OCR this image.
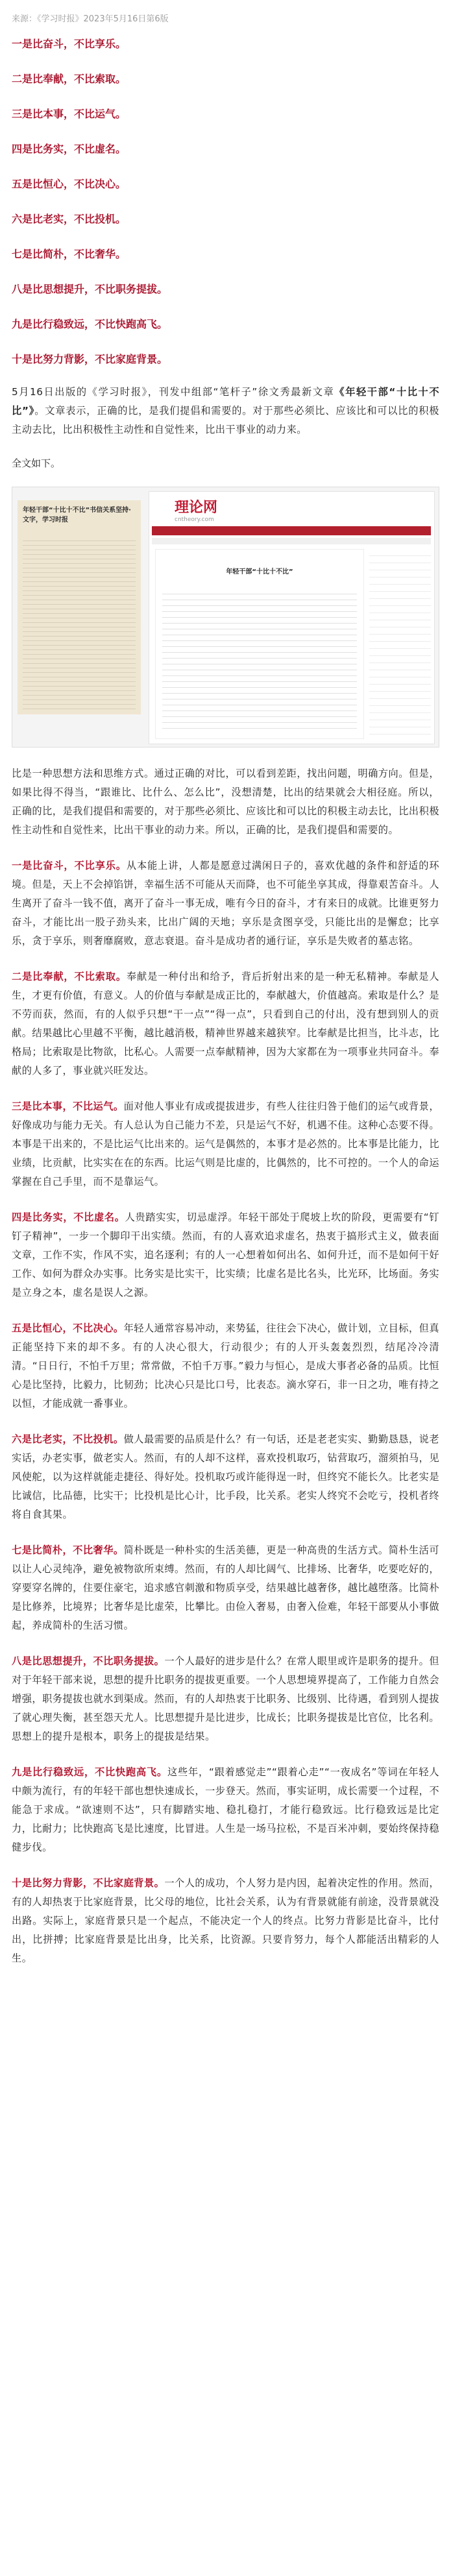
来源：《学习时报》2023年5月16日第6版
一是比奋斗，不比享乐。
二是比奉献，不比索取。
三是比本事，不比运气。
四是比务实，不比虚名。
五是比恒心，不比决心。
六是比老实，不比投机。
七是比简朴，不比奢华。
八是比思想提升，不比职务提拔。
九是比行稳致远，不比快跑高飞。
十是比努力背影，不比家庭背景。

5月16日出版的《学习时报》，刊发中组部“笔杆子”徐文秀最新文章《年轻干部“十比十不比”》。文章表示，正确的比，是我们提倡和需要的。对于那些必须比、应该比和可以比的积极主动去比，比出积极性主动性和自觉性来，比出干事业的动力来。

全文如下。

年轻干部“十比十不比”书信关系坚持·文字，学习时报
理论网
cntheory.com
年轻干部“十比十不比”

比是一种思想方法和思维方式。通过正确的对比，可以看到差距，找出问题，明确方向。但是，如果比得不得当，“跟谁比、比什么、怎么比”，没想清楚，比出的结果就会大相径庭。所以，正确的比，是我们提倡和需要的，对于那些必须比、应该比和可以比的积极主动去比，比出积极性主动性和自觉性来，比出干事业的动力来。所以，正确的比，是我们提倡和需要的。

一是比奋斗，不比享乐。从本能上讲，人都是愿意过满闲日子的，喜欢优越的条件和舒适的环境。但是，天上不会掉馅饼，幸福生活不可能从天而降，也不可能坐享其成，得靠艰苦奋斗。人生离开了奋斗一钱不值，离开了奋斗一事无成，唯有今日的奋斗，才有来日的成就。比谁更努力奋斗，才能比出一股子劲头来，比出广阔的天地；享乐是贪图享受，只能比出的是懈怠；比享乐，贪于享乐，则奢靡腐败，意志衰退。奋斗是成功者的通行证，享乐是失败者的墓志铭。

二是比奉献，不比索取。奉献是一种付出和给予，背后折射出来的是一种无私精神。奉献是人生，才更有价值，有意义。人的价值与奉献是成正比的，奉献越大，价值越高。索取是什么？是不劳而获，然而，有的人似乎只想“干一点”“得一点”，只看到自己的付出，没有想到别人的贡献。结果越比心里越不平衡，越比越消极，精神世界越来越狭窄。比奉献是比担当，比斗志，比格局；比索取是比物欲，比私心。人需要一点奉献精神，因为大家都在为一项事业共同奋斗。奉献的人多了，事业就兴旺发达。

三是比本事，不比运气。面对他人事业有成或提拔进步，有些人往往归咎于他们的运气或背景，好像成功与能力无关。有人总认为自己能力不差，只是运气不好，机遇不佳。这种心态要不得。本事是干出来的，不是比运气比出来的。运气是偶然的，本事才是必然的。比本事是比能力，比业绩，比贡献，比实实在在的东西。比运气则是比虚的，比偶然的，比不可控的。一个人的命运掌握在自己手里，而不是靠运气。

四是比务实，不比虚名。人贵踏实实，切忌虚浮。年轻干部处于爬坡上坎的阶段，更需要有“钉钉子精神”，一步一个脚印干出实绩。然而，有的人喜欢追求虚名，热衷于搞形式主义，做表面文章，工作不实，作风不实，追名逐利；有的人一心想着如何出名、如何升迁，而不是如何干好工作、如何为群众办实事。比务实是比实干，比实绩；比虚名是比名头，比光环，比场面。务实是立身之本，虚名是误人之源。

五是比恒心，不比决心。年轻人通常容易冲动，来势猛，往往会下决心，做计划，立目标，但真正能坚持下来的却不多。有的人决心很大，行动很少；有的人开头轰轰烈烈，结尾冷冷清清。“日日行，不怕千万里；常常做，不怕千万事。”毅力与恒心，是成大事者必备的品质。比恒心是比坚持，比毅力，比韧劲；比决心只是比口号，比表态。滴水穿石，非一日之功，唯有持之以恒，才能成就一番事业。

六是比老实，不比投机。做人最需要的品质是什么？有一句话，还是老老实实、勤勤恳恳，说老实话，办老实事，做老实人。然而，有的人却不这样，喜欢投机取巧，钻营取巧，溜须拍马，见风使舵，以为这样就能走捷径、得好处。投机取巧或许能得逞一时，但终究不能长久。比老实是比诚信，比品德，比实干；比投机是比心计，比手段，比关系。老实人终究不会吃亏，投机者终将自食其果。

七是比简朴，不比奢华。简朴既是一种朴实的生活美德，更是一种高贵的生活方式。简朴生活可以让人心灵纯净，避免被物欲所束缚。然而，有的人却比阔气、比排场、比奢华，吃要吃好的，穿要穿名牌的，住要住豪宅，追求感官刺激和物质享受，结果越比越奢侈，越比越堕落。比简朴是比修养，比境界；比奢华是比虚荣，比攀比。由俭入奢易，由奢入俭难，年轻干部要从小事做起，养成简朴的生活习惯。

八是比思想提升，不比职务提拔。一个人最好的进步是什么？在常人眼里或许是职务的提升。但对于年轻干部来说，思想的提升比职务的提拔更重要。一个人思想境界提高了，工作能力自然会增强，职务提拔也就水到渠成。然而，有的人却热衷于比职务、比级别、比待遇，看到别人提拔了就心理失衡，甚至怨天尤人。比思想提升是比进步，比成长；比职务提拔是比官位，比名利。思想上的提升是根本，职务上的提拔是结果。

九是比行稳致远，不比快跑高飞。这些年，“跟着感觉走”“跟着心走”“一夜成名”等词在年轻人中颇为流行，有的年轻干部也想快速成长，一步登天。然而，事实证明，成长需要一个过程，不能急于求成。“欲速则不达”，只有脚踏实地、稳扎稳打，才能行稳致远。比行稳致远是比定力，比耐力；比快跑高飞是比速度，比冒进。人生是一场马拉松，不是百米冲刺，要始终保持稳健步伐。

十是比努力背影，不比家庭背景。一个人的成功，个人努力是内因，起着决定性的作用。然而，有的人却热衷于比家庭背景，比父母的地位，比社会关系，认为有背景就能有前途，没背景就没出路。实际上，家庭背景只是一个起点，不能决定一个人的终点。比努力背影是比奋斗，比付出，比拼搏；比家庭背景是比出身，比关系，比资源。只要肯努力，每个人都能活出精彩的人生。
